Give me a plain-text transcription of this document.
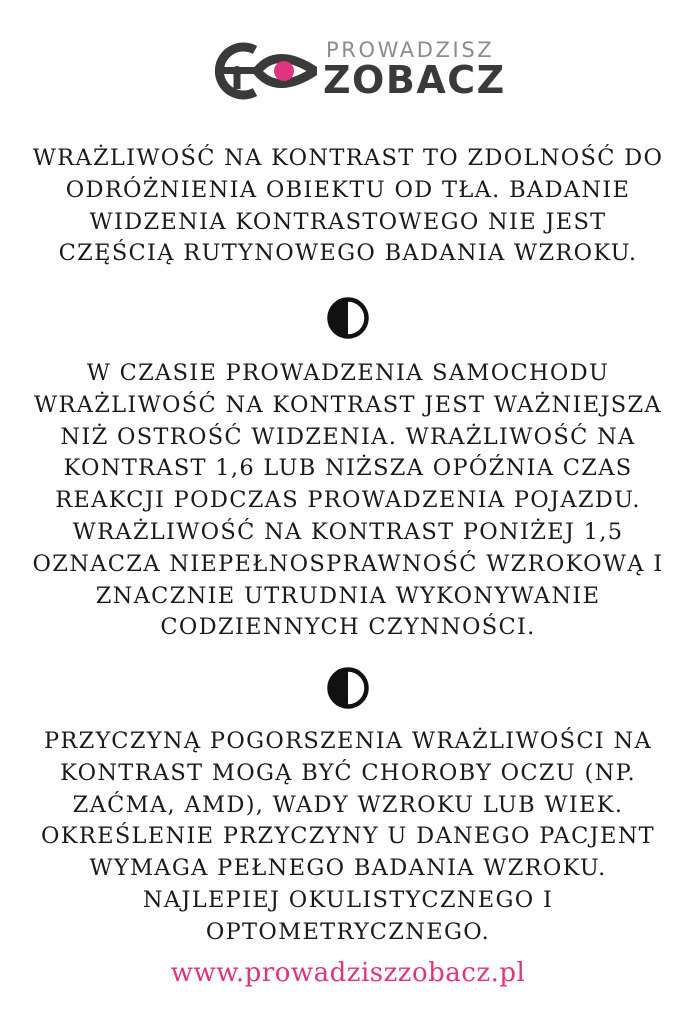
PROWADZISZ
ZOBACZ

WRAŻLIWOŚĆ NA KONTRAST TO ZDOLNOŚĆ DO ODRÓŻNIENIA OBIEKTU OD TŁA. BADANIE WIDZENIA KONTRASTOWEGO NIE JEST CZĘŚCIĄ RUTYNOWEGO BADANIA WZROKU.

W CZASIE PROWADZENIA SAMOCHODU WRAŻLIWOŚĆ NA KONTRAST JEST WAŻNIEJSZA NIŻ OSTROŚĆ WIDZENIA. WRAŻLIWOŚĆ NA KONTRAST 1,6 LUB NIŻSZA OPÓŹNIA CZAS REAKCJI PODCZAS PROWADZENIA POJAZDU. WRAŻLIWOŚĆ NA KONTRAST PONIŻEJ 1,5 OZNACZA NIEPEŁNOSPRAWNOŚĆ WZROKOWĄ I ZNACZNIE UTRUDNIA WYKONYWANIE CODZIENNYCH CZYNNOŚCI.

PRZYCZYNĄ POGORSZENIA WRAŻLIWOŚCI NA KONTRAST MOGĄ BYĆ CHOROBY OCZU (NP. ZAĆMA, AMD), WADY WZROKU LUB WIEK. OKREŚLENIE PRZYCZYNY U DANEGO PACJENT WYMAGA PEŁNEGO BADANIA WZROKU. NAJLEPIEJ OKULISTYCZNEGO I OPTOMETRYCZNEGO.

www.prowadziszzobacz.pl
